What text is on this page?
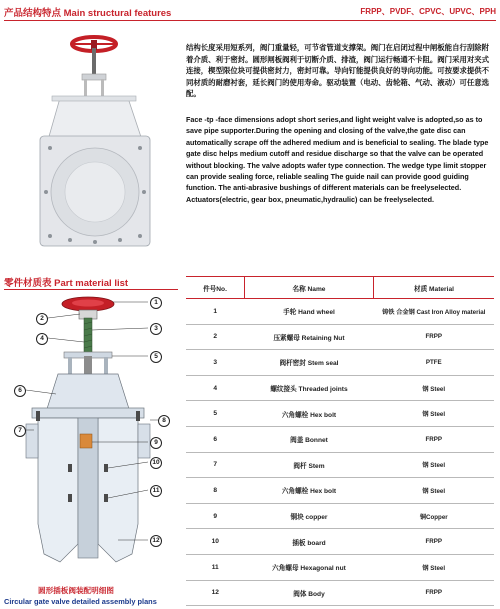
产品结构特点 Main structural features	FRPP、PVDF、CPVC、UPVC、PPH
结构长度采用短系列，阀门重量轻，可节省管道支撑架。阀门在启闭过程中闸板能自行刮除附着介质、利于密封。圆形闸板阀利于切断介质、排渣，阀门运行畅通不卡阻。阀门采用对夹式连接，楔型限位块可提供密封力，密封可靠。导向钉能提供良好的导向功能。可按要求提供不同材质的耐磨衬套，延长阀门的使用寿命。驱动装置（电动、齿轮箱、气动、液动）可任意选配。
Face -tp -face dimensions adopt short series,and light weight valve is adopted,so as to save pipe supporter.During the opening and closing of the valve,the gate disc can automatically scrape off the adhered medium and is beneficial to sealing. The blade type gate disc helps medium cutoff and residue discharge so that the valve can be operated without blocking. The valve adopts wafer type connection. The wedge type limit stopper can provide sealing force, reliable sealing The guide nail can provide good guiding function. The anti-abrasive bushings of different materials can be freelyselected. Actuators(electric, gear box, pneumatic,hydraulic) can be freelyselected.
零件材质表 Part material list
1
2
3
4
5
6
7
8
9
10
11
12
圆形插板阀装配明细图
Circular gate valve detailed assembly plans
件号No.	名称 Name	材质 Material
1	手轮 Hand wheel	铸铁 合金钢 Cast Iron Alloy material
2	压紧螺母 Retaining Nut	FRPP
3	阀杆密封 Stem seal	PTFE
4	螺纹接头 Threaded joints	钢 Steel
5	六角螺栓 Hex bolt	钢 Steel
6	阀盖 Bonnet	FRPP
7	阀杆 Stem	钢 Steel
8	六角螺栓 Hex bolt	钢 Steel
9	铜块 copper	铜Copper
10	插板 board	FRPP
11	六角螺母 Hexagonal nut	钢 Steel
12	阀体 Body	FRPP
